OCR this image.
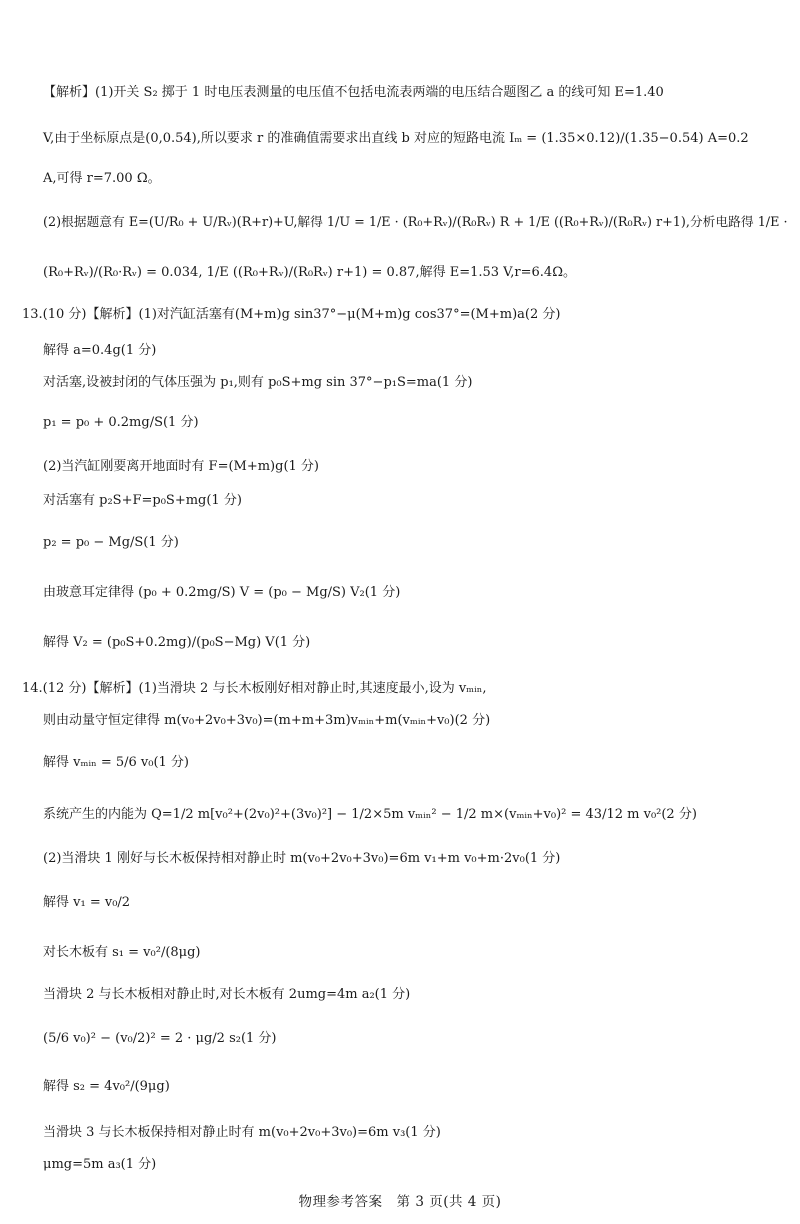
【解析】(1)开关 S₂ 掷于 1 时电压表测量的电压值不包括电流表两端的电压结合题图乙 a 的线可知 E=1.40
V,由于坐标原点是(0,0.54),所以要求 r 的准确值需要求出直线 b 对应的短路电流 Iₘ = (1.35×0.12)/(1.35−0.54) A=0.2
A,可得 r=7.00 Ω。
(2)根据题意有 E=(U/R₀ + U/Rᵥ)(R+r)+U,解得 1/U = 1/E · (R₀+Rᵥ)/(R₀Rᵥ) R + 1/E ((R₀+Rᵥ)/(R₀Rᵥ) r+1),分析电路得 1/E ·
(R₀+Rᵥ)/(R₀·Rᵥ) = 0.034, 1/E ((R₀+Rᵥ)/(R₀Rᵥ) r+1) = 0.87,解得 E=1.53 V,r=6.4Ω。
13.(10 分)【解析】(1)对汽缸活塞有(M+m)g sin37°−μ(M+m)g cos37°=(M+m)a(2 分)
解得 a=0.4g(1 分)
对活塞,设被封闭的气体压强为 p₁,则有 p₀S+mg sin 37°−p₁S=ma(1 分)
p₁ = p₀ + 0.2mg/S(1 分)
(2)当汽缸刚要离开地面时有 F=(M+m)g(1 分)
对活塞有 p₂S+F=p₀S+mg(1 分)
p₂ = p₀ − Mg/S(1 分)
由玻意耳定律得 (p₀ + 0.2mg/S) V = (p₀ − Mg/S) V₂(1 分)
解得 V₂ = (p₀S+0.2mg)/(p₀S−Mg) V(1 分)
14.(12 分)【解析】(1)当滑块 2 与长木板刚好相对静止时,其速度最小,设为 vₘᵢₙ,
则由动量守恒定律得 m(v₀+2v₀+3v₀)=(m+m+3m)vₘᵢₙ+m(vₘᵢₙ+v₀)(2 分)
解得 vₘᵢₙ = 5/6 v₀(1 分)
系统产生的内能为 Q=1/2 m[v₀²+(2v₀)²+(3v₀)²] − 1/2×5m vₘᵢₙ² − 1/2 m×(vₘᵢₙ+v₀)² = 43/12 m v₀²(2 分)
(2)当滑块 1 刚好与长木板保持相对静止时 m(v₀+2v₀+3v₀)=6m v₁+m v₀+m·2v₀(1 分)
解得 v₁ = v₀/2
对长木板有 s₁ = v₀²/(8μg)
当滑块 2 与长木板相对静止时,对长木板有 2umg=4m a₂(1 分)
(5/6 v₀)² − (v₀/2)² = 2 · μg/2 s₂(1 分)
解得 s₂ = 4v₀²/(9μg)
当滑块 3 与长木板保持相对静止时有 m(v₀+2v₀+3v₀)=6m v₃(1 分)
μmg=5m a₃(1 分)
物理参考答案　第 3 页(共 4 页)
